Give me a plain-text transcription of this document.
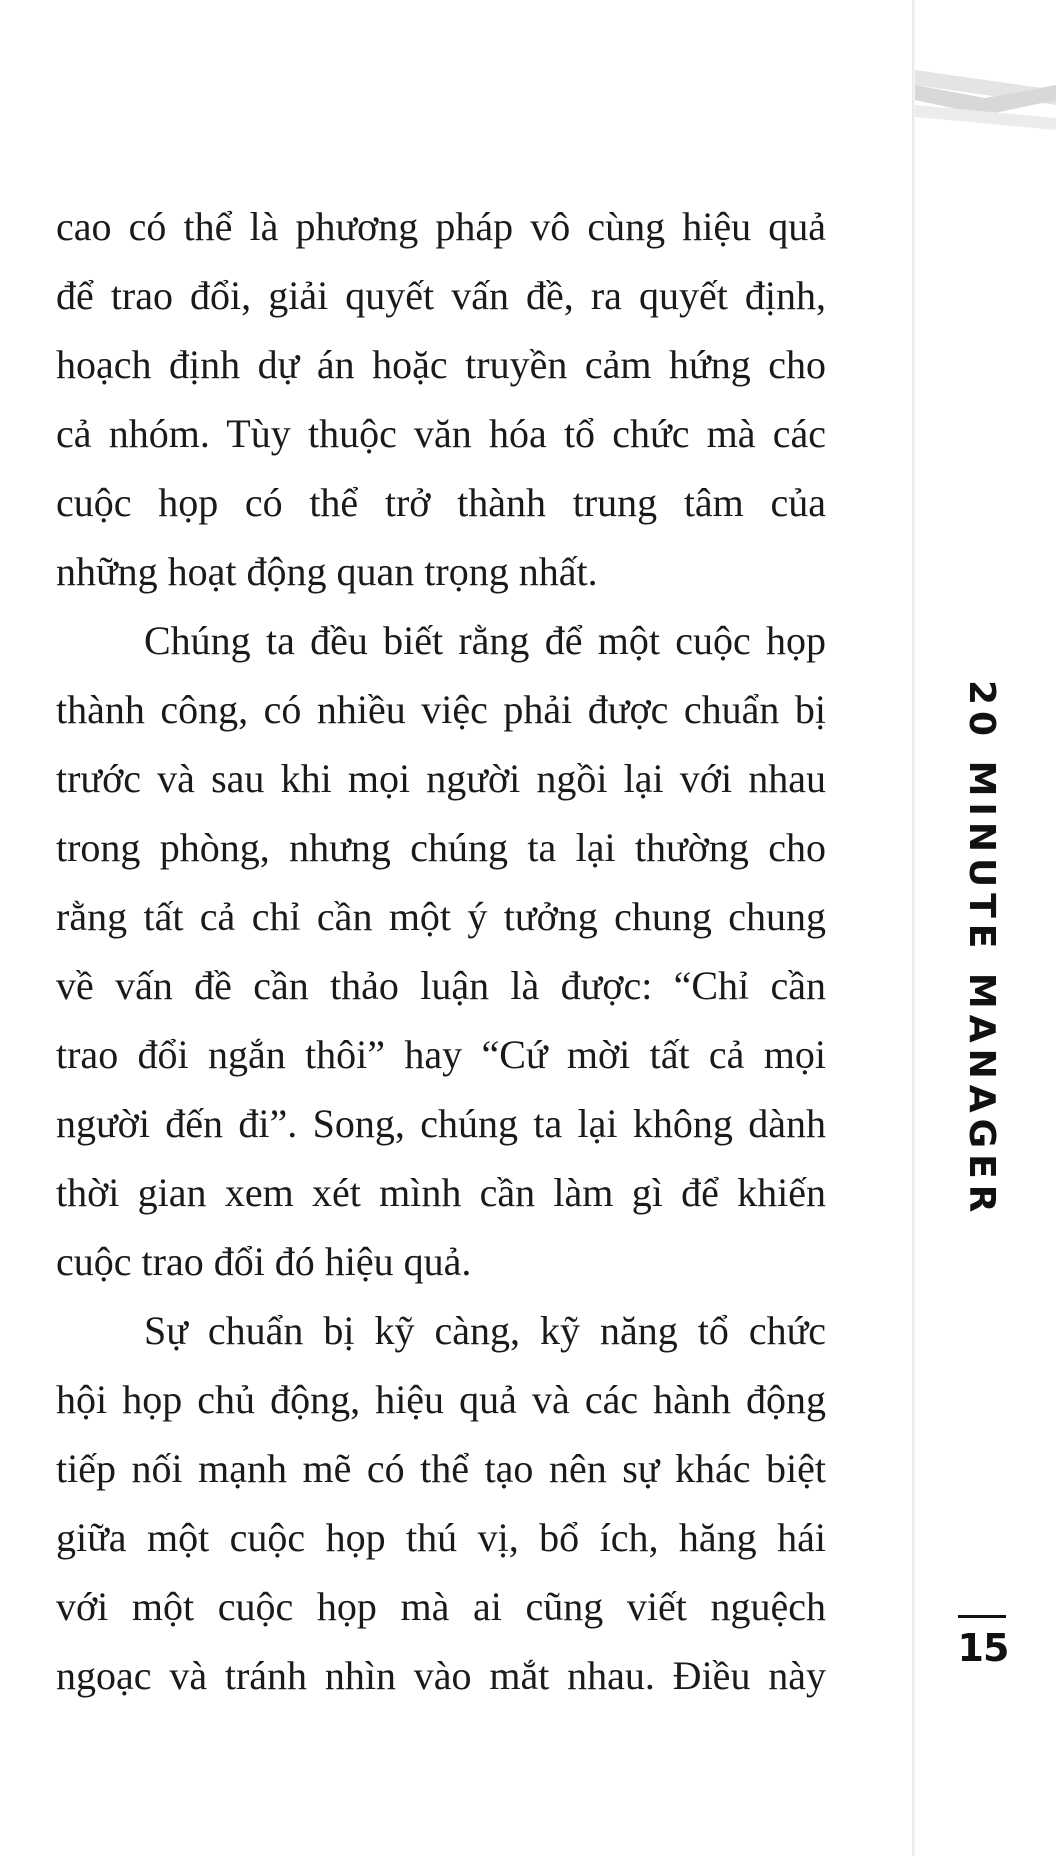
cao có thể là phương pháp vô cùng hiệu quả
để trao đổi, giải quyết vấn đề, ra quyết định,
hoạch định dự án hoặc truyền cảm hứng cho
cả nhóm. Tùy thuộc văn hóa tổ chức mà các
cuộc họp có thể trở thành trung tâm của
những hoạt động quan trọng nhất.
Chúng ta đều biết rằng để một cuộc họp
thành công, có nhiều việc phải được chuẩn bị
trước và sau khi mọi người ngồi lại với nhau
trong phòng, nhưng chúng ta lại thường cho
rằng tất cả chỉ cần một ý tưởng chung chung
về vấn đề cần thảo luận là được: “Chỉ cần
trao đổi ngắn thôi” hay “Cứ mời tất cả mọi
người đến đi”. Song, chúng ta lại không dành
thời gian xem xét mình cần làm gì để khiến
cuộc trao đổi đó hiệu quả.
Sự chuẩn bị kỹ càng, kỹ năng tổ chức
hội họp chủ động, hiệu quả và các hành động
tiếp nối mạnh mẽ có thể tạo nên sự khác biệt
giữa một cuộc họp thú vị, bổ ích, hăng hái
với một cuộc họp mà ai cũng viết nguệch
ngoạc và tránh nhìn vào mắt nhau. Điều này
20 MINUTE MANAGER
15
